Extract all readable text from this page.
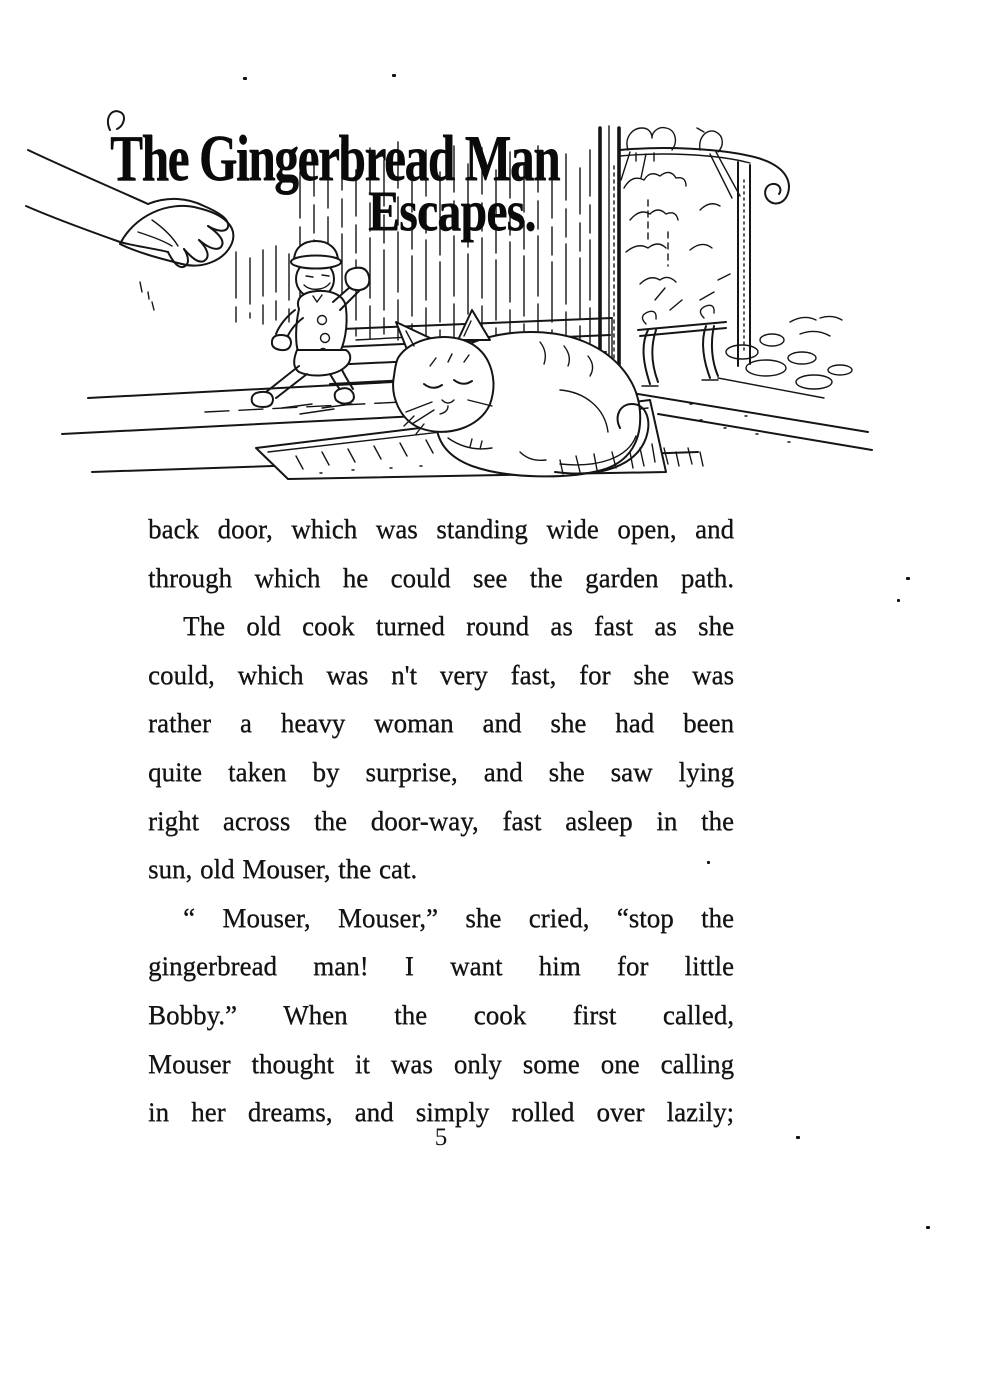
The Gingerbread Man
Escapes.
back door, which was standing wide open, and
through which he could see the garden path.
The old cook turned round as fast as she
could, which was n't very fast, for she was
rather a heavy woman and she had been
quite taken by surprise, and she saw lying
right across the door-way, fast asleep in the
sun, old Mouser, the cat.
“ Mouser, Mouser,” she cried, “stop the
gingerbread man! I want him for little
Bobby.” When the cook first called,
Mouser thought it was only some one calling
in her dreams, and simply rolled over lazily;
5
